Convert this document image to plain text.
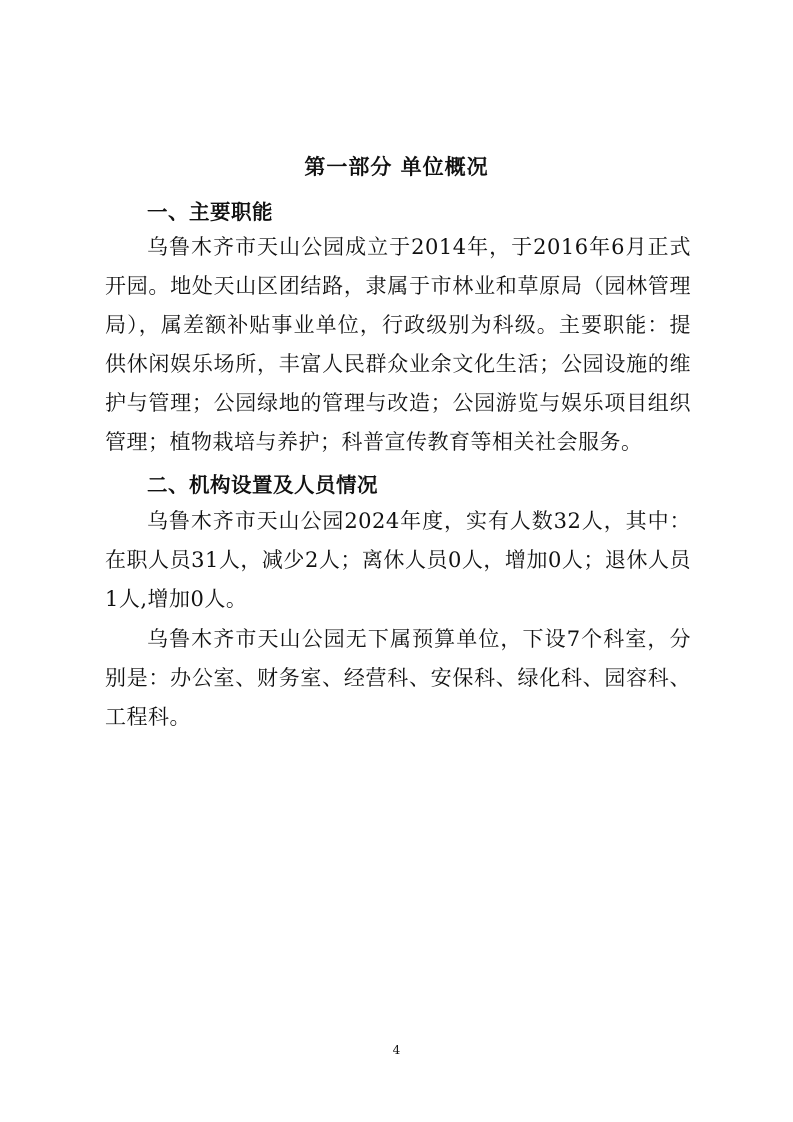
第一部分 单位概况
一、主要职能
乌鲁木齐市天山公园成立于2014年，于2016年6月正式开园。地处天山区团结路，隶属于市林业和草原局（园林管理局），属差额补贴事业单位，行政级别为科级。主要职能：提供休闲娱乐场所，丰富人民群众业余文化生活；公园设施的维护与管理；公园绿地的管理与改造；公园游览与娱乐项目组织管理；植物栽培与养护；科普宣传教育等相关社会服务。
二、机构设置及人员情况
乌鲁木齐市天山公园2024年度，实有人数32人，其中：在职人员31人，减少2人；离休人员0人，增加0人；退休人员1人,增加0人。
乌鲁木齐市天山公园无下属预算单位，下设7个科室，分别是：办公室、财务室、经营科、安保科、绿化科、园容科、工程科。
4
